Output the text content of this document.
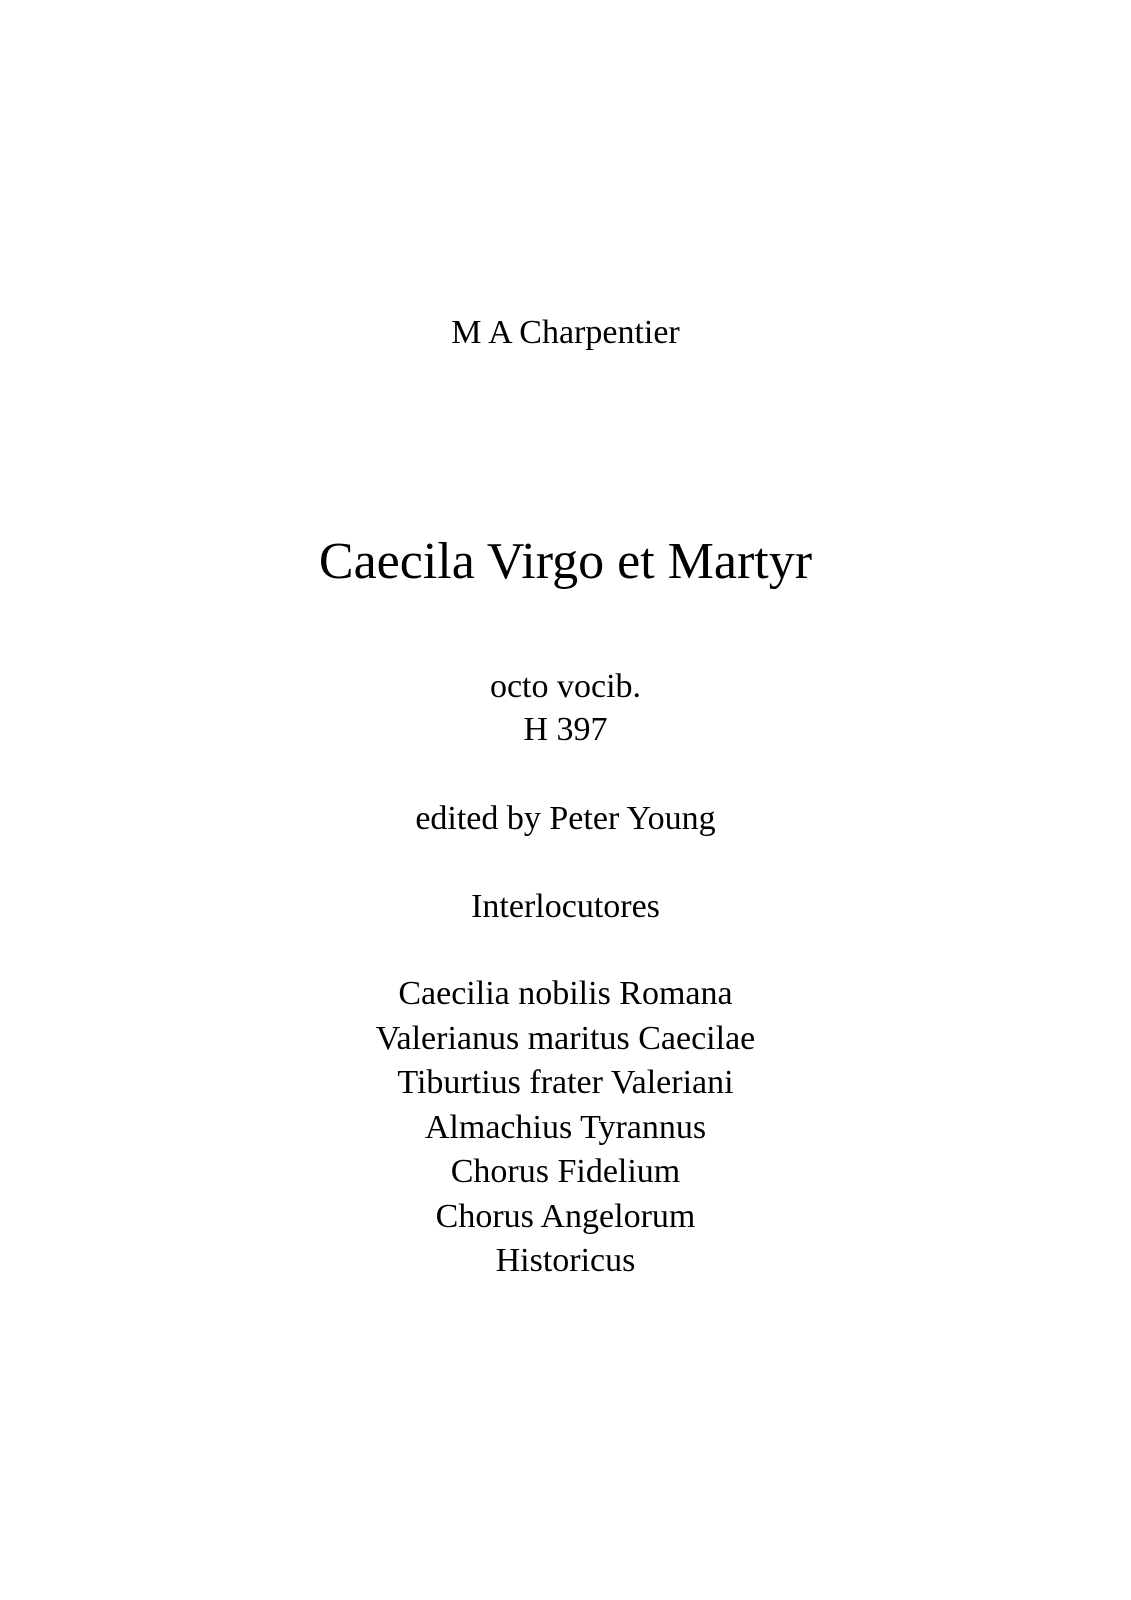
M A Charpentier
Caecila Virgo et Martyr
octo vocib.
H 397
edited by Peter Young
Interlocutores
Caecilia nobilis Romana
Valerianus maritus Caecilae
Tiburtius frater Valeriani
Almachius Tyrannus
Chorus Fidelium
Chorus Angelorum
Historicus
